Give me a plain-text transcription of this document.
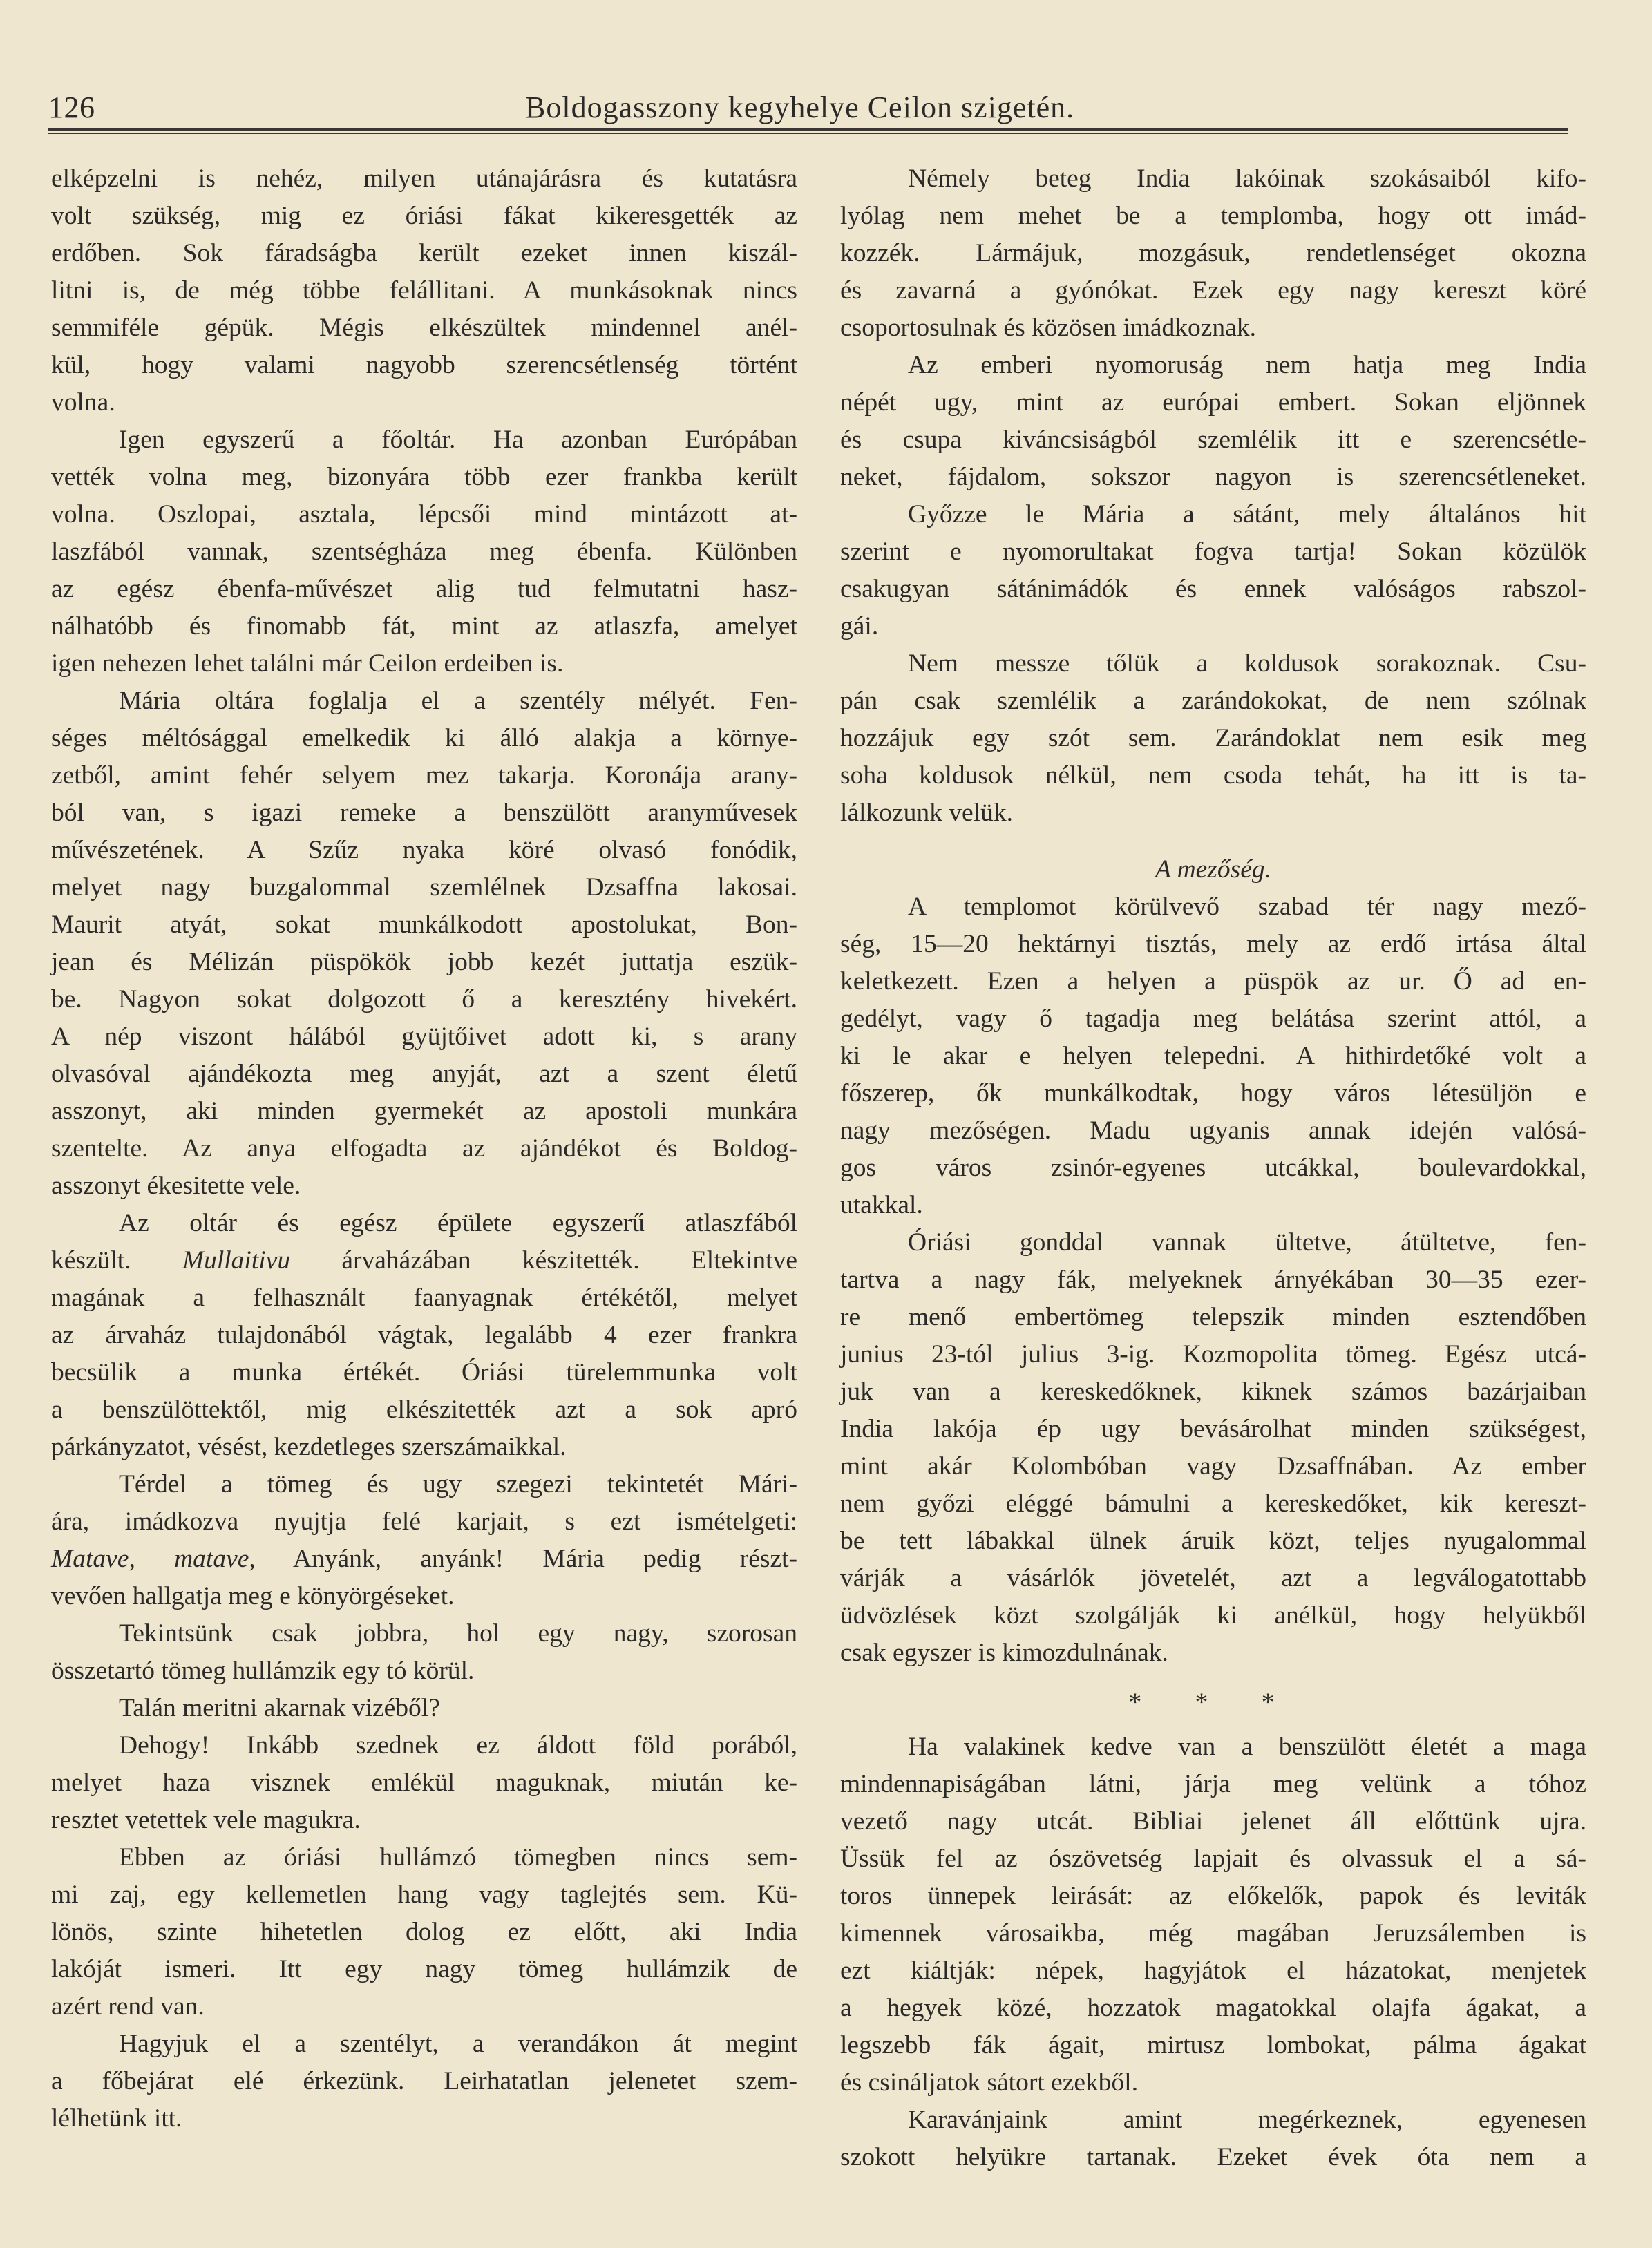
126	Boldogasszony kegyhelye Ceilon szigetén.

elképzelni is nehéz, milyen utánajárásra és kutatásra

volt szükség, mig ez óriási fákat kikeresgették az

erdőben. Sok fáradságba került ezeket innen kiszál-

litni is, de még többe felállitani. A munkásoknak nincs

semmiféle gépük. Mégis elkészültek mindennel anél-

kül, hogy valami nagyobb szerencsétlenség történt

volna.

Igen egyszerű a főoltár. Ha azonban Európában

vették volna meg, bizonyára több ezer frankba került

volna. Oszlopai, asztala, lépcsői mind mintázott at-

laszfából vannak, szentségháza meg ébenfa. Különben

az egész ébenfa-művészet alig tud felmutatni hasz-

nálhatóbb és finomabb fát, mint az atlaszfa, amelyet

igen nehezen lehet találni már Ceilon erdeiben is.

Mária oltára foglalja el a szentély mélyét. Fen-

séges méltósággal emelkedik ki álló alakja a környe-

zetből, amint fehér selyem mez takarja. Koronája arany-

ból van, s igazi remeke a benszülött aranyművesek

művészetének. A Szűz nyaka köré olvasó fonódik,

melyet nagy buzgalommal szemlélnek Dzsaffna lakosai.

Maurit atyát, sokat munkálkodott apostolukat, Bon-

jean és Mélizán püspökök jobb kezét juttatja eszük-

be. Nagyon sokat dolgozott ő a keresztény hivekért.

A nép viszont hálából gyüjtőivet adott ki, s arany

olvasóval ajándékozta meg anyját, azt a szent életű

asszonyt, aki minden gyermekét az apostoli munkára

szentelte. Az anya elfogadta az ajándékot és Boldog-

asszonyt ékesitette vele.

Az oltár és egész épülete egyszerű atlaszfából

készült. Mullaitivu árvaházában készitették. Eltekintve

magának a felhasznált faanyagnak értékétől, melyet

az árvaház tulajdonából vágtak, legalább 4 ezer frankra

becsülik a munka értékét. Óriási türelemmunka volt

a benszülöttektől, mig elkészitették azt a sok apró

párkányzatot, vésést, kezdetleges szerszámaikkal.

Térdel a tömeg és ugy szegezi tekintetét Mári-

ára, imádkozva nyujtja felé karjait, s ezt ismételgeti:

Matave, matave, Anyánk, anyánk! Mária pedig részt-

vevően hallgatja meg e könyörgéseket.

Tekintsünk csak jobbra, hol egy nagy, szorosan

összetartó tömeg hullámzik egy tó körül.

Talán meritni akarnak vizéből?

Dehogy! Inkább szednek ez áldott föld porából,

melyet haza visznek emlékül maguknak, miután ke-

resztet vetettek vele magukra.

Ebben az óriási hullámzó tömegben nincs sem-

mi zaj, egy kellemetlen hang vagy taglejtés sem. Kü-

lönös, szinte hihetetlen dolog ez előtt, aki India

lakóját ismeri. Itt egy nagy tömeg hullámzik de

azért rend van.

Hagyjuk el a szentélyt, a verandákon át megint

a főbejárat elé érkezünk. Leirhatatlan jelenetet szem-

lélhetünk itt.

Némely beteg India lakóinak szokásaiból kifo-

lyólag nem mehet be a templomba, hogy ott imád-

kozzék. Lármájuk, mozgásuk, rendetlenséget okozna

és zavarná a gyónókat. Ezek egy nagy kereszt köré

csoportosulnak és közösen imádkoznak.

Az emberi nyomoruság nem hatja meg India

népét ugy, mint az európai embert. Sokan eljönnek

és csupa kiváncsiságból szemlélik itt e szerencsétle-

neket, fájdalom, sokszor nagyon is szerencsétleneket.

Győzze le Mária a sátánt, mely általános hit

szerint e nyomorultakat fogva tartja! Sokan közülök

csakugyan sátánimádók és ennek valóságos rabszol-

gái.

Nem messze tőlük a koldusok sorakoznak. Csu-

pán csak szemlélik a zarándokokat, de nem szólnak

hozzájuk egy szót sem. Zarándoklat nem esik meg

soha koldusok nélkül, nem csoda tehát, ha itt is ta-

lálkozunk velük.

A mezőség.

A templomot körülvevő szabad tér nagy mező-

ség, 15—20 hektárnyi tisztás, mely az erdő irtása által

keletkezett. Ezen a helyen a püspök az ur. Ő ad en-

gedélyt, vagy ő tagadja meg belátása szerint attól, a

ki le akar e helyen telepedni. A hithirdetőké volt a

főszerep, ők munkálkodtak, hogy város létesüljön e

nagy mezőségen. Madu ugyanis annak idején valósá-

gos város zsinór-egyenes utcákkal, boulevardokkal,

utakkal.

Óriási gonddal vannak ültetve, átültetve, fen-

tartva a nagy fák, melyeknek árnyékában 30—35 ezer-

re menő embertömeg telepszik minden esztendőben

junius 23-tól julius 3-ig. Kozmopolita tömeg. Egész utcá-

juk van a kereskedőknek, kiknek számos bazárjaiban

India lakója ép ugy bevásárolhat minden szükségest,

mint akár Kolombóban vagy Dzsaffnában. Az ember

nem győzi eléggé bámulni a kereskedőket, kik kereszt-

be tett lábakkal ülnek áruik közt, teljes nyugalommal

várják a vásárlók jövetelét, azt a legválogatottabb

üdvözlések közt szolgálják ki anélkül, hogy helyükből

csak egyszer is kimozdulnának.

* * *

Ha valakinek kedve van a benszülött életét a maga

mindennapiságában látni, járja meg velünk a tóhoz

vezető nagy utcát. Bibliai jelenet áll előttünk ujra.

Üssük fel az ószövetség lapjait és olvassuk el a sá-

toros ünnepek leirását: az előkelők, papok és leviták

kimennek városaikba, még magában Jeruzsálemben is

ezt kiáltják: népek, hagyjátok el házatokat, menjetek

a hegyek közé, hozzatok magatokkal olajfa ágakat, a

legszebb fák ágait, mirtusz lombokat, pálma ágakat

és csináljatok sátort ezekből.

Karavánjaink amint megérkeznek, egyenesen

szokott helyükre tartanak. Ezeket évek óta nem a
